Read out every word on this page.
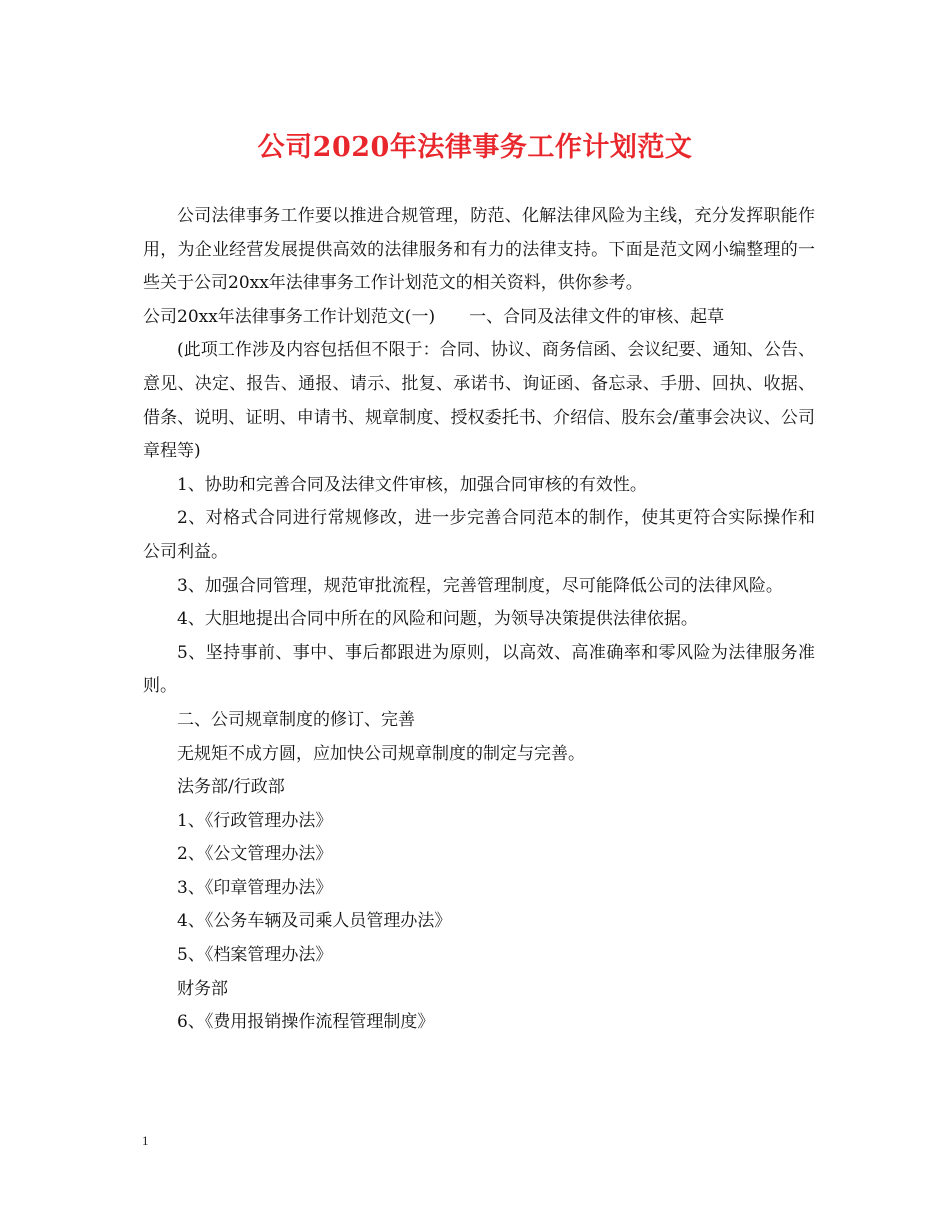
公司2020年法律事务工作计划范文

公司法律事务工作要以推进合规管理，防范、化解法律风险为主线，充分发挥职能作用，为企业经营发展提供高效的法律服务和有力的法律支持。下面是范文网小编整理的一些关于公司20xx年法律事务工作计划范文的相关资料，供你参考。

公司20xx年法律事务工作计划范文(一)　　一、合同及法律文件的审核、起草

(此项工作涉及内容包括但不限于：合同、协议、商务信函、会议纪要、通知、公告、意见、决定、报告、通报、请示、批复、承诺书、询证函、备忘录、手册、回执、收据、借条、说明、证明、申请书、规章制度、授权委托书、介绍信、股东会/董事会决议、公司章程等)

1、协助和完善合同及法律文件审核，加强合同审核的有效性。

2、对格式合同进行常规修改，进一步完善合同范本的制作，使其更符合实际操作和公司利益。

3、加强合同管理，规范审批流程，完善管理制度，尽可能降低公司的法律风险。

4、大胆地提出合同中所在的风险和问题，为领导决策提供法律依据。

5、坚持事前、事中、事后都跟进为原则，以高效、高准确率和零风险为法律服务准则。

二、公司规章制度的修订、完善

无规矩不成方圆，应加快公司规章制度的制定与完善。

法务部/行政部

1、《行政管理办法》

2、《公文管理办法》

3、《印章管理办法》

4、《公务车辆及司乘人员管理办法》

5、《档案管理办法》

财务部

6、《费用报销操作流程管理制度》

1
